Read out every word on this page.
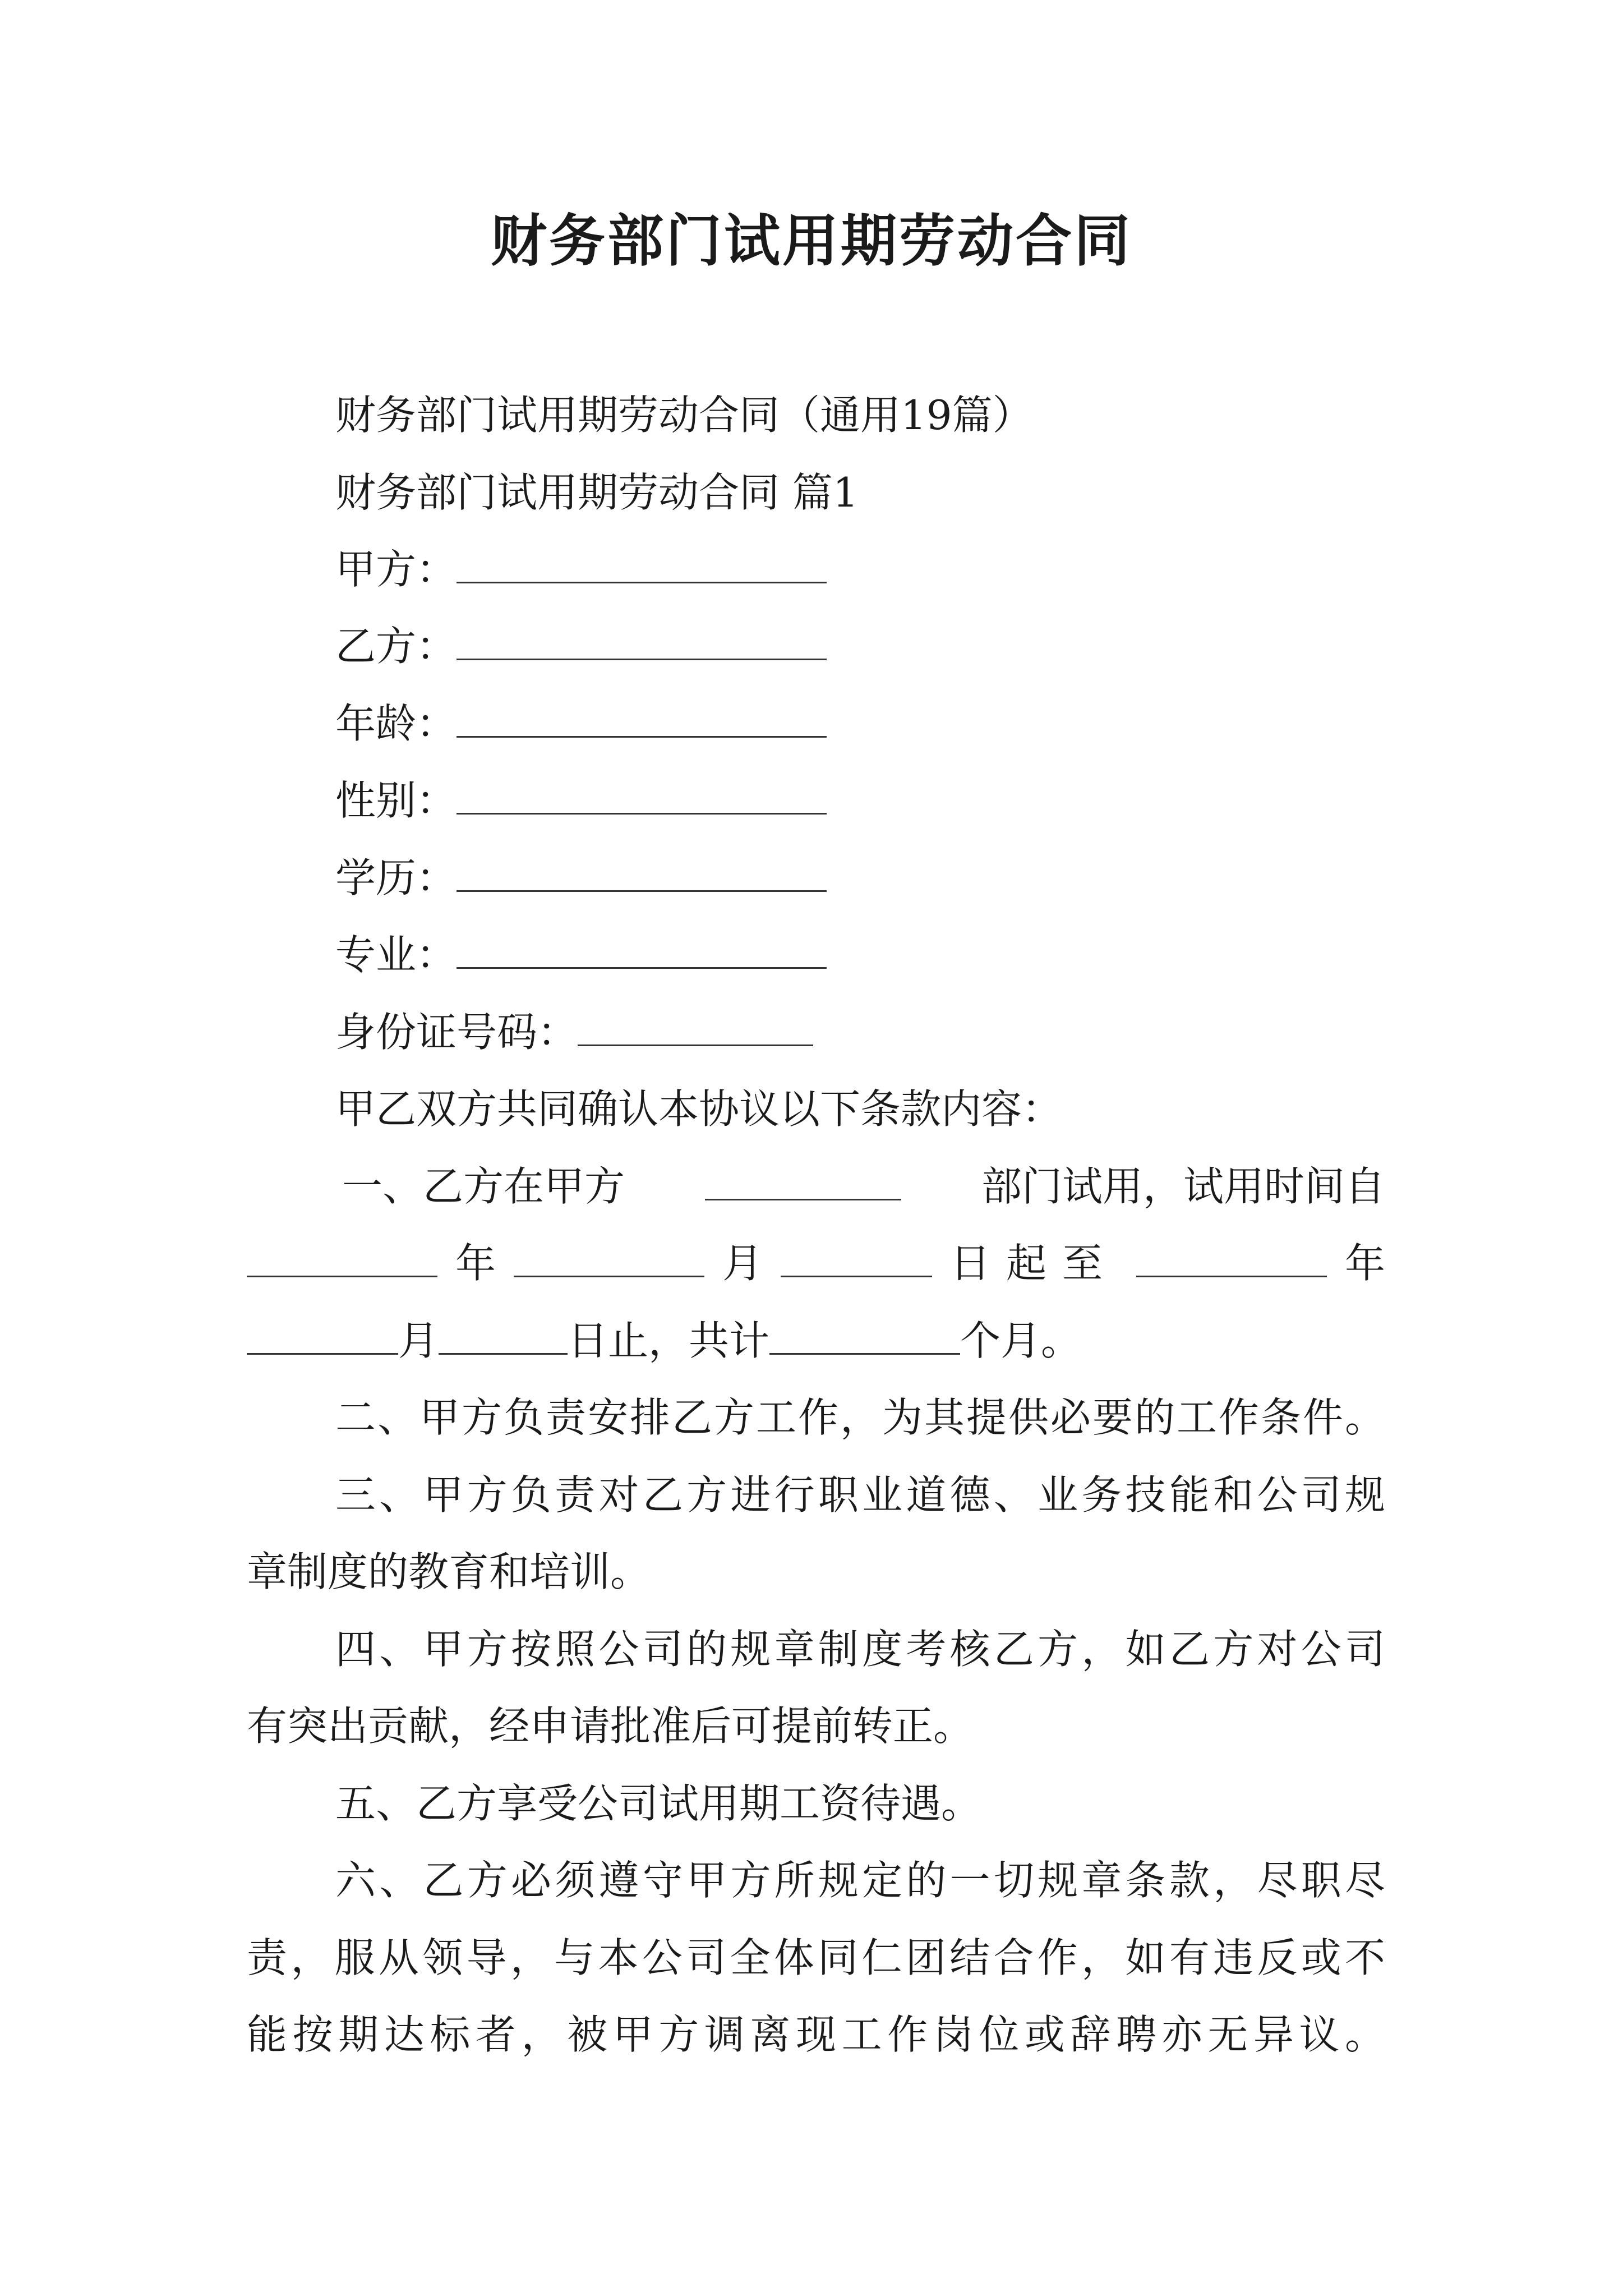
财务部门试用期劳动合同
财务部门试用期劳动合同（通用19篇）
财务部门试用期劳动合同 篇1
甲方：
乙方：
年龄：
性别：
学历：
专业：
身份证号码：
甲乙双方共同确认本协议以下条款内容：
一、乙方在甲方	部门试用，试用时间自
年	月	日起至	年
月	日止，共计	个月。
二、甲方负责安排乙方工作，为其提供必要的工作条件。
三、甲方负责对乙方进行职业道德、业务技能和公司规
章制度的教育和培训。
四、甲方按照公司的规章制度考核乙方，如乙方对公司
有突出贡献，经申请批准后可提前转正。
五、乙方享受公司试用期工资待遇。
六、乙方必须遵守甲方所规定的一切规章条款，尽职尽
责，服从领导，与本公司全体同仁团结合作，如有违反或不
能按期达标者，被甲方调离现工作岗位或辞聘亦无异议。
